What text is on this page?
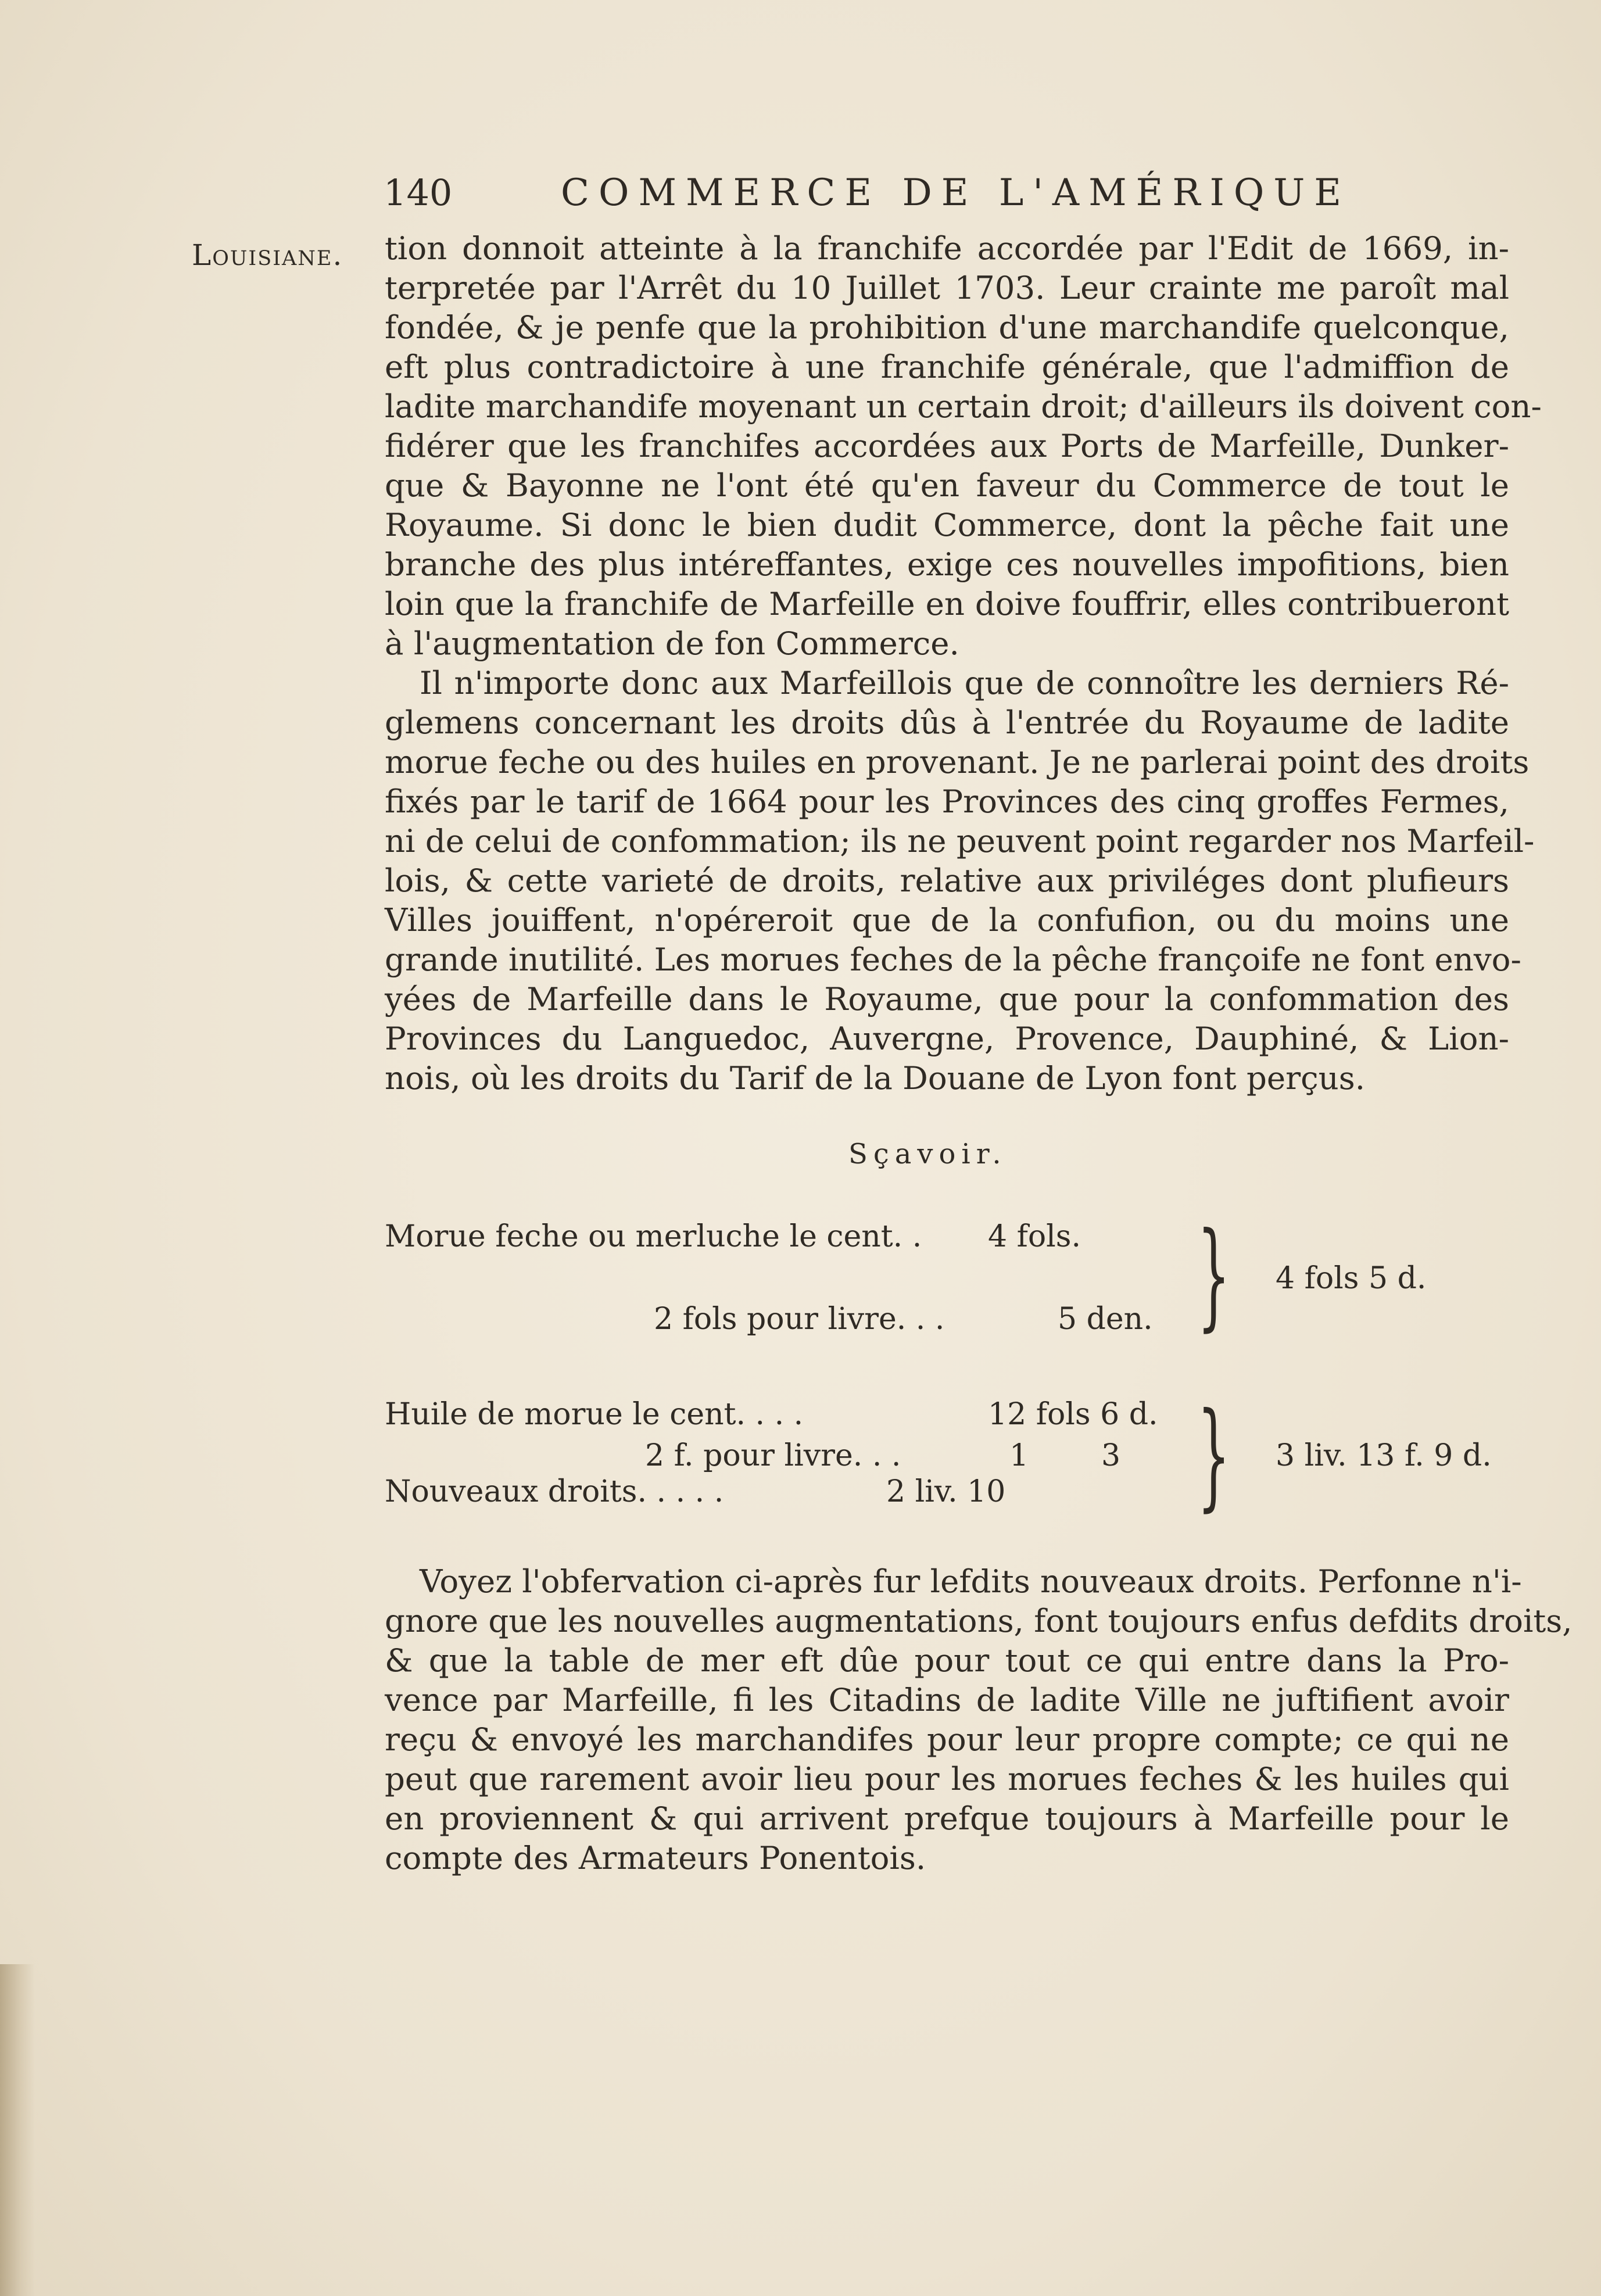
140	COMMERCE DE L'AMÉRIQUE
Louisiane. tion donnoit atteinte à la franchife accordée par l'Edit de 1669, in-
terpretée par l'Arrêt du 10 Juillet 1703. Leur crainte me paroît mal
fondée, & je penfe que la prohibition d'une marchandife quelconque,
eft plus contradictoire à une franchife générale, que l'admiffion de
ladite marchandife moyenant un certain droit; d'ailleurs ils doivent con-
fidérer que les franchifes accordées aux Ports de Marfeille, Dunker-
que & Bayonne ne l'ont été qu'en faveur du Commerce de tout le
Royaume. Si donc le bien dudit Commerce, dont la pêche fait une
branche des plus intéreffantes, exige ces nouvelles impofitions, bien
loin que la franchife de Marfeille en doive fouffrir, elles contribueront
à l'augmentation de fon Commerce.
Il n'importe donc aux Marfeillois que de connoître les derniers Ré-
glemens concernant les droits dûs à l'entrée du Royaume de ladite
morue feche ou des huiles en provenant. Je ne parlerai point des droits
fixés par le tarif de 1664 pour les Provinces des cinq groffes Fermes,
ni de celui de confommation; ils ne peuvent point regarder nos Marfeil-
lois, & cette varieté de droits, relative aux priviléges dont plufieurs
Villes jouiffent, n'opéreroit que de la confufion, ou du moins une
grande inutilité. Les morues feches de la pêche françoife ne font envo-
yées de Marfeille dans le Royaume, que pour la confommation des
Provinces du Languedoc, Auvergne, Provence, Dauphiné, & Lion-
nois, où les droits du Tarif de la Douane de Lyon font perçus.
Sçavoir.
Morue feche ou merluche le cent. . 4 fols.
2 fols pour livre. . .	5 den. } 4 fols 5 d.
Huile de morue le cent. . . .	12 fols 6 d.
2 f. pour livre. . .	1 3
Nouveaux droits. . . . .	2 liv. 10 } 3 liv. 13 f. 9 d.
Voyez l'obfervation ci-après fur lefdits nouveaux droits. Perfonne n'i-
gnore que les nouvelles augmentations, font toujours enfus defdits droits,
& que la table de mer eft dûe pour tout ce qui entre dans la Pro-
vence par Marfeille, fi les Citadins de ladite Ville ne juftifient avoir
reçu & envoyé les marchandifes pour leur propre compte; ce qui ne
peut que rarement avoir lieu pour les morues feches & les huiles qui
en proviennent & qui arrivent prefque toujours à Marfeille pour le
compte des Armateurs Ponentois.
